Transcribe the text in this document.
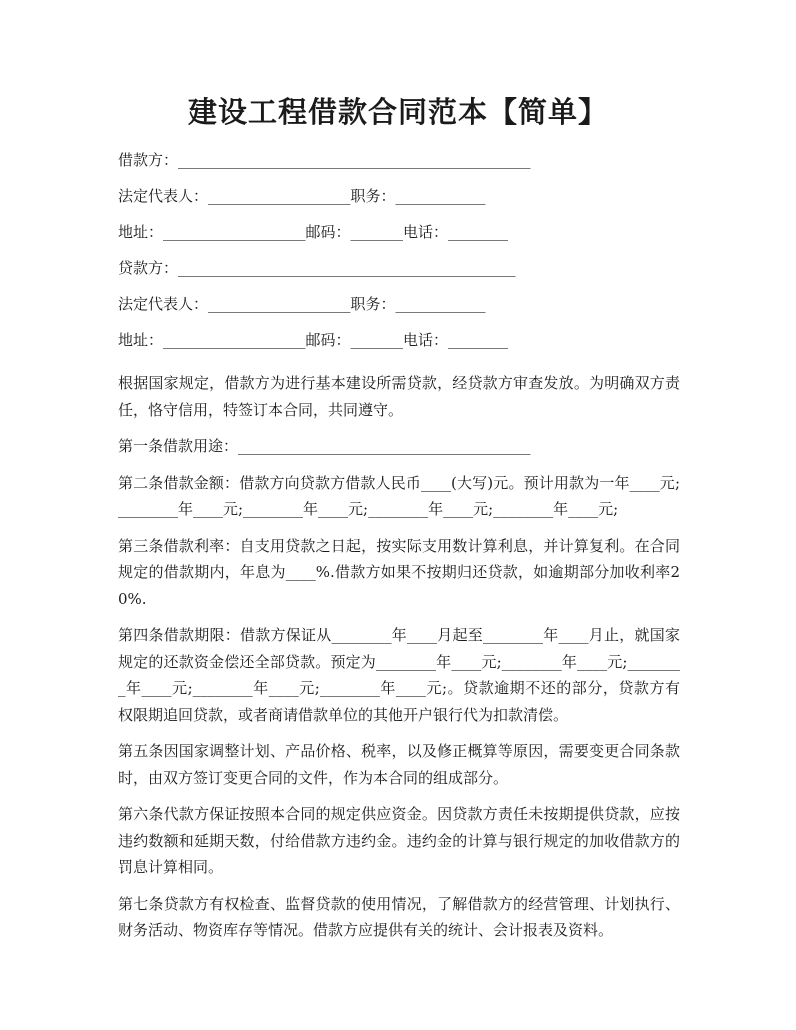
建设工程借款合同范本【简单】
借款方：_______________________________________________
法定代表人：___________________职务：____________
地址：___________________邮码：_______电话：________
贷款方：_____________________________________________
法定代表人：___________________职务：____________
地址：___________________邮码：_______电话：________

根据国家规定，借款方为进行基本建设所需贷款，经贷款方审查发放。为明确双方责任，恪守信用，特签订本合同，共同遵守。

第一条借款用途：_______________________________________

第二条借款金额：借款方向贷款方借款人民币____(大写)元。预计用款为一年____元;________年____元;________年____元;________年____元;________年____元;

第三条借款利率：自支用贷款之日起，按实际支用数计算利息，并计算复利。在合同规定的借款期内，年息为____%.借款方如果不按期归还贷款，如逾期部分加收利率20%.

第四条借款期限：借款方保证从________年____月起至________年____月止，就国家规定的还款资金偿还全部贷款。预定为________年____元;________年____元;________年____元;________年____元;________年____元;。贷款逾期不还的部分，贷款方有权限期追回贷款，或者商请借款单位的其他开户银行代为扣款清偿。

第五条因国家调整计划、产品价格、税率，以及修正概算等原因，需要变更合同条款时，由双方签订变更合同的文件，作为本合同的组成部分。

第六条代款方保证按照本合同的规定供应资金。因贷款方责任未按期提供贷款，应按违约数额和延期天数，付给借款方违约金。违约金的计算与银行规定的加收借款方的罚息计算相同。

第七条贷款方有权检查、监督贷款的使用情况，了解借款方的经营管理、计划执行、财务活动、物资库存等情况。借款方应提供有关的统计、会计报表及资料。
